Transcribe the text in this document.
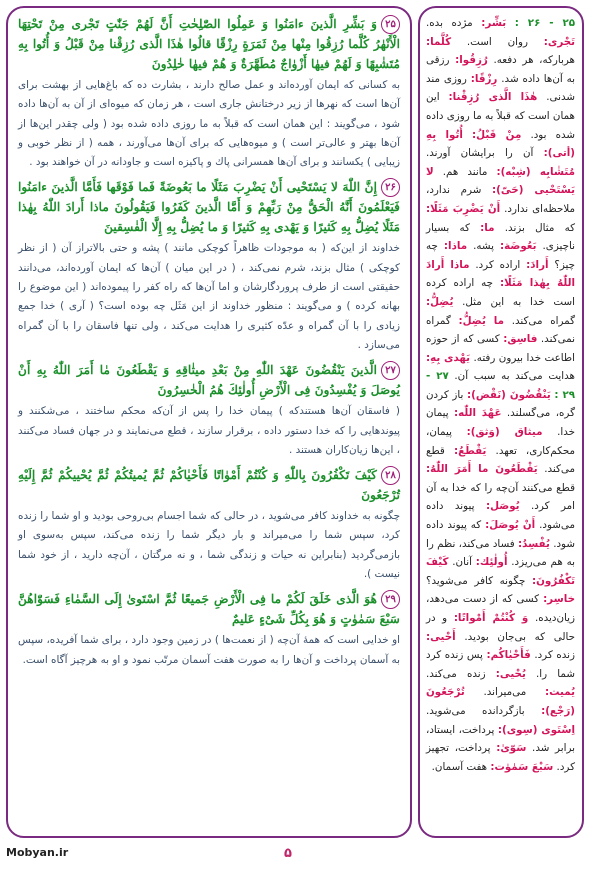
۲۵وَ بَشِّرِ الَّذينَ ءامَنُوا وَ عَمِلُوا الصّٰلِحٰتِ أَنَّ لَهُمْ جَنّٰتٍ تَجْرى مِنْ تَحْتِهَا الْأَنْهٰرُ كُلَّما رُزِقُوا مِنْها مِنْ ثَمَرَةٍ رِزْقًا قالُوا هٰذَا الَّذى رُزِقْنا مِنْ قَبْلُ وَ أُتُوا بِهِ مُتَشٰبِهًا وَ لَهُمْ فيهٰا أَزْوٰاجٌ مُطَهَّرَةٌ وَ هُمْ فيهٰا خٰلِدُونَ

به كسانى كه ايمان آورده‌اند و عمل صالح دارند ، بشارت ده كه باغ‌هايى از بهشت براى آن‌ها است كه نهرها از زير درختانش جارى است ، هر زمان كه ميوه‌اى از آن به آن‌ها داده شود ، مى‌گويند : اين همان است كه قبلاً به ما روزى داده شده بود ( ولى چقدر اين‌ها از آن‌ها بهتر و عالى‌تر است ) و ميوه‌هايى كه براى آن‌ها مى‌آورند ، همه ( از نظر خوبى و زيبايى ) يكسانند و براى آن‌ها همسرانى پاك و پاكيزه است و جاودانه در آن خواهند بود .

۲۶إِنَّ اللّٰهَ لا يَسْتَحْيى أَنْ يَضْرِبَ مَثَلًا ما بَعُوضَةً فَما فَوْقَها فَأَمَّا الَّذينَ ءامَنُوا فَيَعْلَمُونَ أَنَّهُ الْحَقُّ مِنْ رَبِّهِمْ وَ أَمَّا الَّذينَ كَفَرُوا فَيَقُولُونَ ماذا أَرادَ اللّٰهُ بِهٰذا مَثَلًا يُضِلُّ بِهِ كَثيرًا وَ يَهْدى بِهِ كَثيرًا وَ ما يُضِلُّ بِهِ إِلَّا الْفٰسِقينَ

خداوند از اين‌كه ( به موجودات ظاهراً كوچكى مانند ) پشه و حتى بالاتراز آن ( از نظر كوچكى ) مثال بزند، شرم نمى‌كند ، ( در اين ميان ) آن‌ها كه ايمان آورده‌اند، مى‌دانند حقيقتى است از طرف پروردگارشان و اما آن‌ها كه راه كفر را پيموده‌اند ( اين موضوع را بهانه كرده ) و مى‌گويند : منظور خداوند از اين مَثَل چه بوده است؟ ( آرى ) خدا جمع زيادى را با آن گمراه و عدّه كثيرى را هدايت مى‌كند ، ولى تنها فاسقان را با آن گمراه مى‌سازد .

۲۷الَّذينَ يَنْقُضُونَ عَهْدَ اللّٰهِ مِنْ بَعْدِ ميثٰاقِهِ وَ يَقْطَعُونَ مٰا أَمَرَ اللّٰهُ بِهِ أَنْ يُوصَلَ وَ يُفْسِدُونَ فِى الْأَرْضِ أُولٰئِكَ هُمُ الْخٰسِرُونَ

( فاسقان آن‌ها هستندكه ) پيمان خدا را پس از آن‌كه محكم ساختند ، مى‌شكنند و پيوندهايى را كه خدا دستور داده ، برقرار سازند ، قطع مى‌نمايند و در جهان فساد مى‌كنند ، اين‌ها زيان‌كاران هستند .

۲۸كَيْفَ تَكْفُرُونَ بِاللّٰهِ وَ كُنْتُمْ أَمْوٰاتًا فَأَحْيٰاكُمْ ثُمَّ يُميتُكُمْ ثُمَّ يُحْييكُمْ ثُمَّ إِلَيْهِ تُرْجَعُونَ

چگونه به خداوند كافر مى‌شويد ، در حالى كه شما اجسام بى‌روحى بوديد و او شما را زنده كرد، سپس شما را مى‌ميراند و بار ديگر شما را زنده مى‌كند، سپس به‌سوى او بازمى‌گرديد (بنابراين نه حيات و زندگى شما ، و نه مرگتان ، آن‌چه داريد ، از خود شما نيست ).

۲۹هُوَ الَّذى خَلَقَ لَكُمْ ما فِى الْأَرْضِ جَميعًا ثُمَّ اسْتَوىٰ إِلَى السَّمٰاءِ فَسَوّٰاهُنَّ سَبْعَ سَمٰوٰتٍ وَ هُوَ بِكُلِّ شَىْءٍ عَليمٌ

او خدايى است كه همهٔ آن‌چه ( از نعمت‌ها ) در زمين وجود دارد ، براى شما آفريده، سپس به آسمان پرداخت و آن‌ها را به صورت هفت آسمان مرتّب نمود و او به هرچيز آگاه است.

۲۵ - ۲۶ : بَشِّر: مژده بده. تَجْرى: روان است. كُلَّما: هرباركه، هر دفعه. رُزِقُوا: رزقى به آن‌ها داده شد. رِزْقًا: روزى مند شدنى. هٰذَا الَّذى رُزِقْنا: اين همان است كه قبلاً به ما روزى داده شده بود. مِنْ قَبْلُ: أُتُوا بِهِ (أتى): آن را برايشان آورند. مُتَشٰابِه (شِبْه): مانند هم. لا يَسْتَحْيى (حَىّ): شرم ندارد، ملاحظه‌اى ندارد. أَنْ يَضْرِبَ مَثَلًا: كه مثال بزند. ما: كه بسيار ناچيزى. بَعُوضَة: پشه. ماذا: چه چيز؟ أَرادَ: اراده كرد. ماذا أَرادَ اللّٰهُ بِهٰذا مَثَلًا: چه اراده كرده است خدا به اين مثل. يُضِلُّ: گمراه مى‌كند. ما يُضِلُّ: گمراه نمى‌كند. فاسِق: كسى كه از حوزه اطاعت خدا بيرون رفته. يَهْدى بِهِ: هدايت مى‌كند به سبب آن. ۲۷ - ۲۹ : يَنْقُضُونَ (نَقْض): باز كردن گره، مى‌گسلند. عَهْدَ اللّٰه: پيمان خدا. ميثاق (وَثق): پيمان، محكم‌كارى، تعهد. يَقْطَعُ: قطع مى‌كند. يَقْطَعُونَ ما أَمَرَ اللّٰهُ: قطع مى‌كنند آن‌چه را كه خدا به آن امر كرد. يُوصَل: پيوند داده مى‌شود. أَنْ يُوصَلَ: كه پيوند داده شود. يُفْسِدُ: فساد مى‌كند، نظم را به هم مى‌ريزد. أُولٰئِك: آنان. كَيْفَ تَكْفُرُونَ: چگونه كافر مى‌شويد؟ خاسِر: كسى كه از دست مى‌دهد، زيان‌ديده. وَ كُنْتُمْ أَمْواتًا: و در حالى كه بى‌جان بوديد. أَحْيى: زنده كرد. فَأَحْيٰاكُم: پس زنده كرد شما را. يُحْيى: زنده مى‌كند. يُميت: مى‌ميراند. تُرْجَعُونَ (رَجْع): بازگردانده مى‌شويد. اِسْتَوى (سِوى): پرداخت، ايستاد، برابر شد. سَوّىٰ: پرداخت، تجهيز كرد. سَبْعَ سَمٰوٰت: هفت آسمان.
Mobyan.ir	۵
